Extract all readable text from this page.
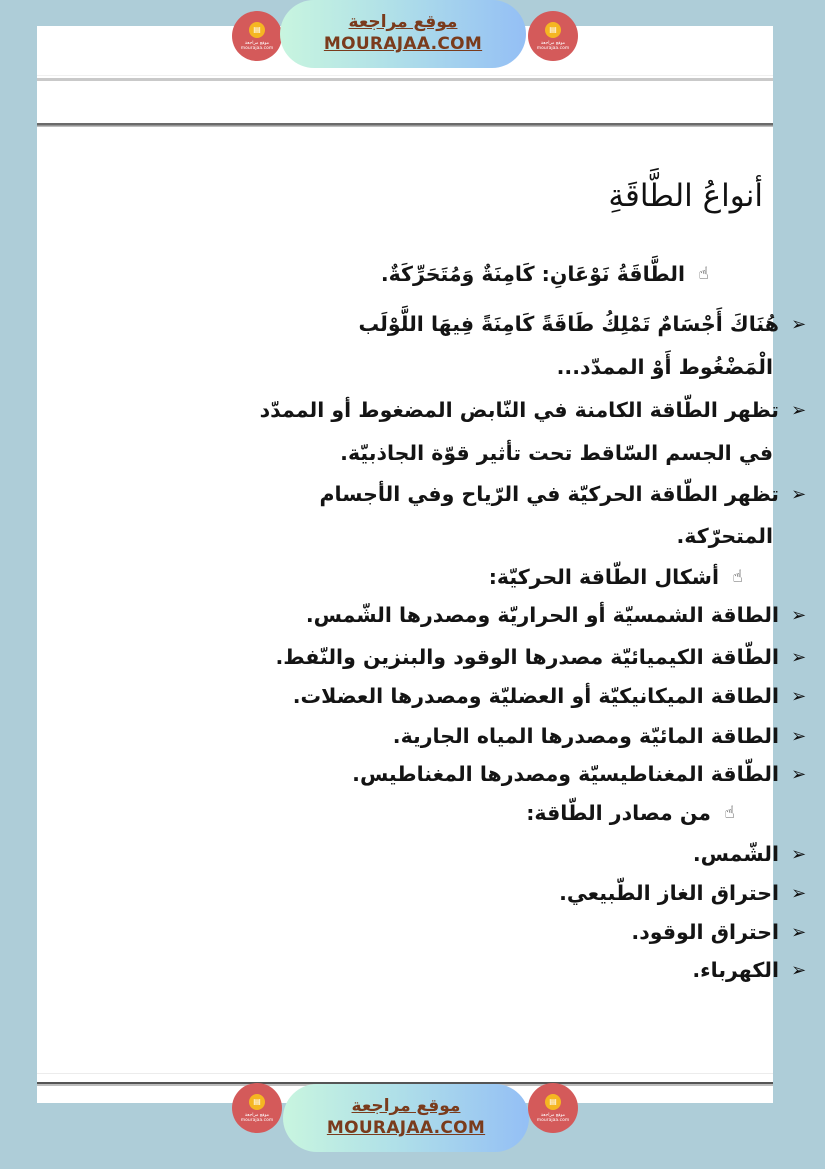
أنواعُ الطَّاقَةِ
☝
الطَّاقَةُ نَوْعَانِ: كَامِنَةٌ وَمُتَحَرِّكَةٌ.
➢
هُنَاكَ أَجْسَامٌ تَمْلِكُ طَاقَةً كَامِنَةً فِيهَا اللَّوْلَب
الْمَضْغُوط أَوْ الممدّد...
➢
تظهر الطّاقة الكامنة في النّابض المضغوط أو الممدّد
في الجسم السّاقط تحت تأثير قوّة الجاذبيّة.
➢
تظهر الطّاقة الحركيّة في الرّياح وفي الأجسام
المتحرّكة.
☝
أشكال الطّاقة الحركيّة:
➢
الطاقة الشمسيّة أو الحراريّة ومصدرها الشّمس.
➢
الطّاقة الكيميائيّة مصدرها الوقود والبنزين والنّفط.
➢
الطاقة الميكانيكيّة أو العضليّة ومصدرها العضلات.
➢
الطاقة المائيّة ومصدرها المياه الجارية.
➢
الطّاقة المغناطيسيّة ومصدرها المغناطيس.
☝
من مصادر الطّاقة:
➢
الشّمس.
➢
احتراق الغاز الطّبيعي.
➢
احتراق الوقود.
➢
الكهرباء.
▤
موقع مراجعة
mourajaa.com
موقع مراجعة
MOURAJAA.COM
▤
موقع مراجعة
mourajaa.com
▤
موقع مراجعة
mourajaa.com
موقع مراجعة
MOURAJAA.COM
▤
موقع مراجعة
mourajaa.com
